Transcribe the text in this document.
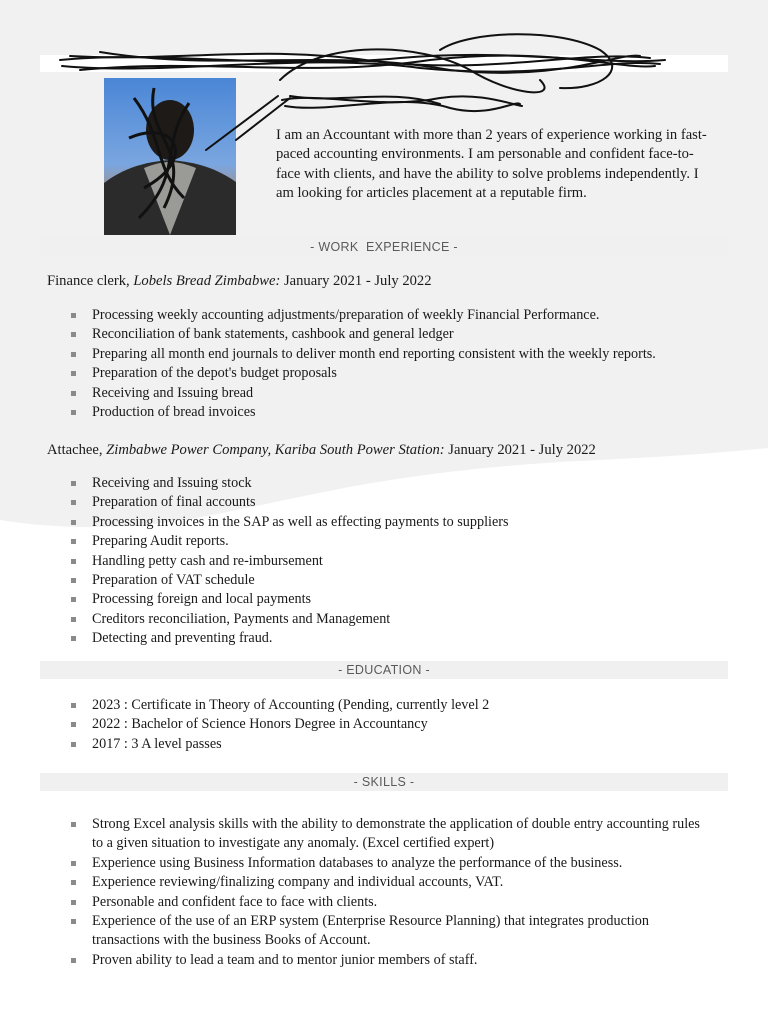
I am an Accountant with more than 2 years of experience working in fast-paced accounting environments. I am personable and confident face-to-face with clients, and have the ability to solve problems independently. I am looking for articles placement at a reputable firm.

- WORK  EXPERIENCE -

Finance clerk, Lobels Bread Zimbabwe: January 2021 - July 2022

Processing weekly accounting adjustments/preparation of weekly Financial Performance.
Reconciliation of bank statements, cashbook and general ledger
Preparing all month end journals to deliver month end reporting consistent with the weekly reports.
Preparation of the depot's budget proposals
Receiving and Issuing bread
Production of bread invoices

Attachee, Zimbabwe Power Company, Kariba South Power Station: January 2021 - July 2022

Receiving and Issuing stock
Preparation of final accounts
Processing invoices in the SAP as well as effecting payments to suppliers
Preparing Audit reports.
Handling petty cash and re-imbursement
Preparation of VAT schedule
Processing foreign and local payments
Creditors reconciliation, Payments and Management
Detecting and preventing fraud.
- EDUCATION -
2023 : Certificate in Theory of Accounting (Pending, currently level 2
2022 : Bachelor of Science Honors Degree in Accountancy
2017 : 3 A level passes
- SKILLS -
Strong Excel analysis skills with the ability to demonstrate the application of double entry accounting rules to a given situation to investigate any anomaly. (Excel certified expert)
Experience using Business Information databases to analyze the performance of the business.
Experience reviewing/finalizing company and individual accounts, VAT.
Personable and confident face to face with clients.
Experience of the use of an ERP system (Enterprise Resource Planning) that integrates production transactions with the business Books of Account.
Proven ability to lead a team and to mentor junior members of staff.
